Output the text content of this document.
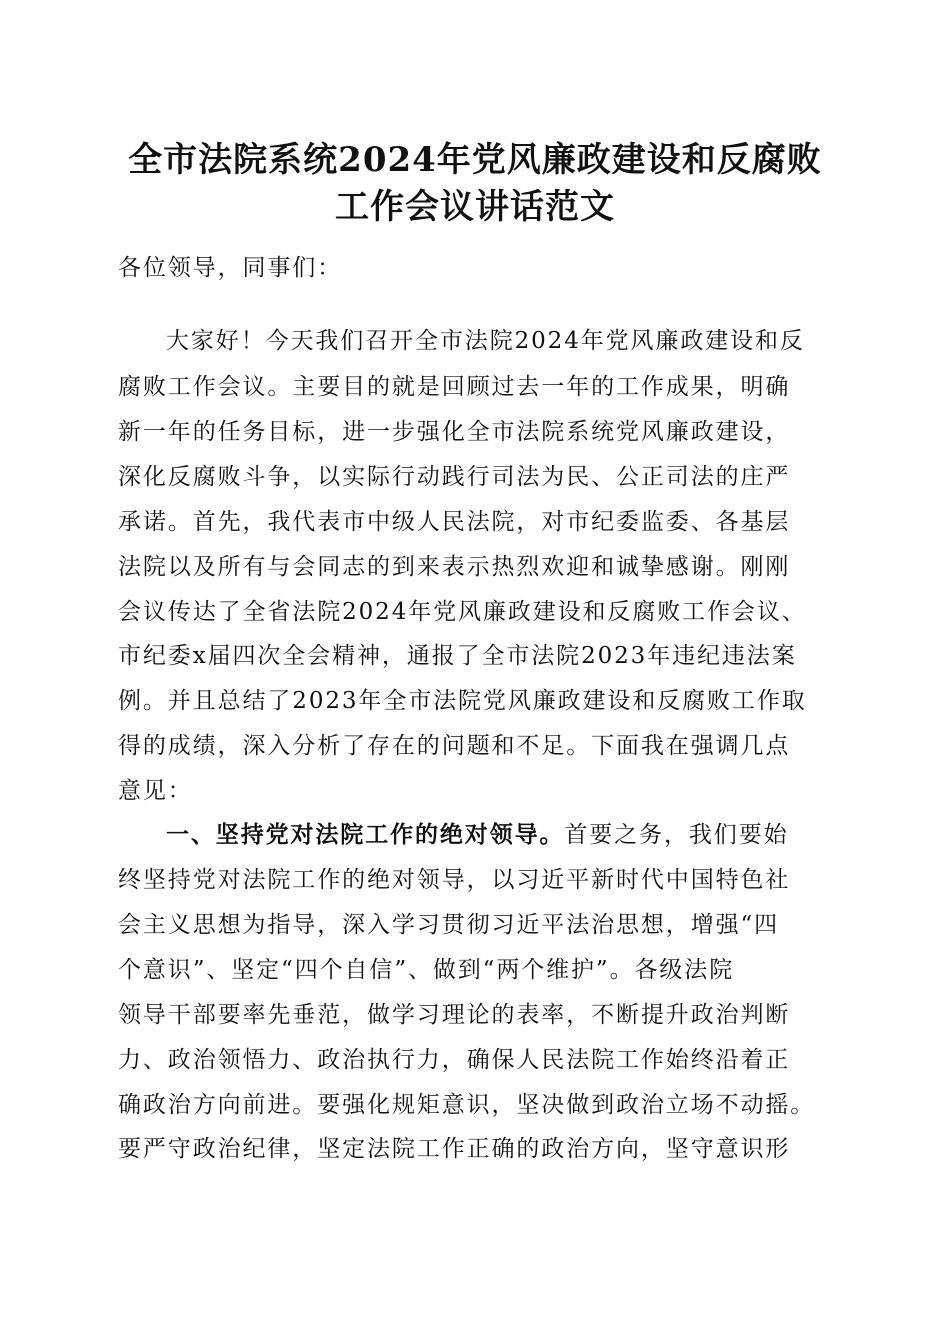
全市法院系统2024年党风廉政建设和反腐败
工作会议讲话范文

各位领导，同事们：

大家好！今天我们召开全市法院2024年党风廉政建设和反

腐败工作会议。主要目的就是回顾过去一年的工作成果，明确

新一年的任务目标，进一步强化全市法院系统党风廉政建设，

深化反腐败斗争，以实际行动践行司法为民、公正司法的庄严

承诺。首先，我代表市中级人民法院，对市纪委监委、各基层

法院以及所有与会同志的到来表示热烈欢迎和诚挚感谢。刚刚

会议传达了全省法院2024年党风廉政建设和反腐败工作会议、

市纪委x届四次全会精神，通报了全市法院2023年违纪违法案

例。并且总结了2023年全市法院党风廉政建设和反腐败工作取

得的成绩，深入分析了存在的问题和不足。下面我在强调几点

意见：

一、坚持党对法院工作的绝对领导。首要之务，我们要始

终坚持党对法院工作的绝对领导，以习近平新时代中国特色社

会主义思想为指导，深入学习贯彻习近平法治思想，增强“四

个意识”、坚定“四个自信”、做到“两个维护”。各级法院

领导干部要率先垂范，做学习理论的表率，不断提升政治判断

力、政治领悟力、政治执行力，确保人民法院工作始终沿着正

确政治方向前进。要强化规矩意识，坚决做到政治立场不动摇。

要严守政治纪律，坚定法院工作正确的政治方向，坚守意识形
